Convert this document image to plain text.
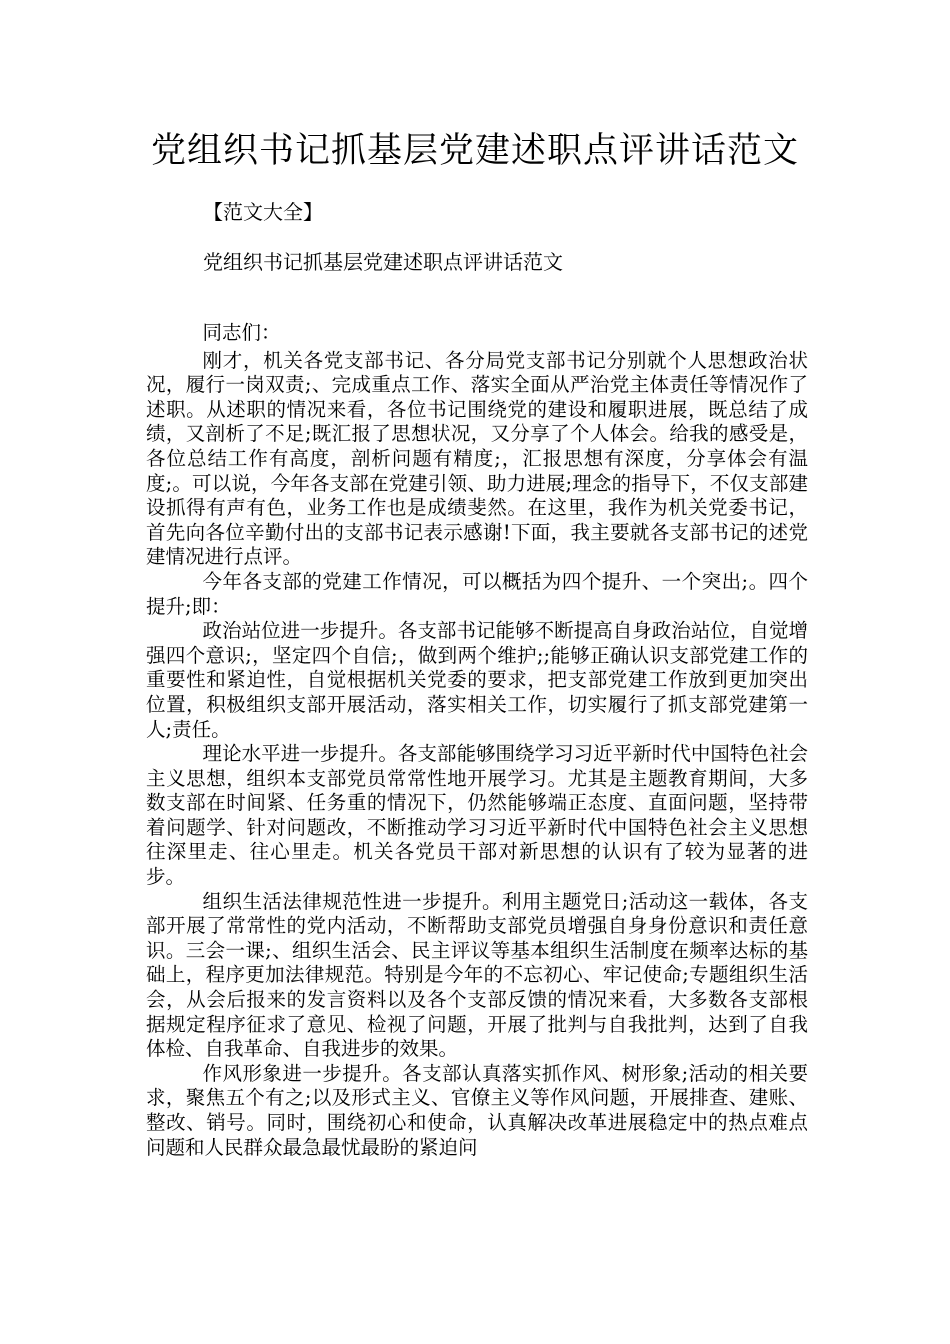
党组织书记抓基层党建述职点评讲话范文
【范文大全】
党组织书记抓基层党建述职点评讲话范文

同志们：

刚才，机关各党支部书记、各分局党支部书记分别就个人思想政治状况，履行一岗双责;、完成重点工作、落实全面从严治党主体责任等情况作了述职。从述职的情况来看，各位书记围绕党的建设和履职进展，既总结了成绩，又剖析了不足;既汇报了思想状况，又分享了个人体会。给我的感受是，各位总结工作有高度，剖析问题有精度;，汇报思想有深度，分享体会有温度;。可以说，今年各支部在党建引领、助力进展;理念的指导下，不仅支部建设抓得有声有色，业务工作也是成绩斐然。在这里，我作为机关党委书记，首先向各位辛勤付出的支部书记表示感谢!下面，我主要就各支部书记的述党建情况进行点评。

今年各支部的党建工作情况，可以概括为四个提升、一个突出;。四个提升;即：

政治站位进一步提升。各支部书记能够不断提高自身政治站位，自觉增强四个意识;，坚定四个自信;，做到两个维护;;能够正确认识支部党建工作的重要性和紧迫性，自觉根据机关党委的要求，把支部党建工作放到更加突出位置，积极组织支部开展活动，落实相关工作，切实履行了抓支部党建第一人;责任。

理论水平进一步提升。各支部能够围绕学习习近平新时代中国特色社会主义思想，组织本支部党员常常性地开展学习。尤其是主题教育期间，大多数支部在时间紧、任务重的情况下，仍然能够端正态度、直面问题，坚持带着问题学、针对问题改，不断推动学习习近平新时代中国特色社会主义思想往深里走、往心里走。机关各党员干部对新思想的认识有了较为显著的进步。

组织生活法律规范性进一步提升。利用主题党日;活动这一载体，各支部开展了常常性的党内活动，不断帮助支部党员增强自身身份意识和责任意识。三会一课;、组织生活会、民主评议等基本组织生活制度在频率达标的基础上，程序更加法律规范。特别是今年的不忘初心、牢记使命;专题组织生活会，从会后报来的发言资料以及各个支部反馈的情况来看，大多数各支部根据规定程序征求了意见、检视了问题，开展了批判与自我批判，达到了自我体检、自我革命、自我进步的效果。

作风形象进一步提升。各支部认真落实抓作风、树形象;活动的相关要求，聚焦五个有之;以及形式主义、官僚主义等作风问题，开展排查、建账、整改、销号。同时，围绕初心和使命，认真解决改革进展稳定中的热点难点问题和人民群众最急最忧最盼的紧迫问
